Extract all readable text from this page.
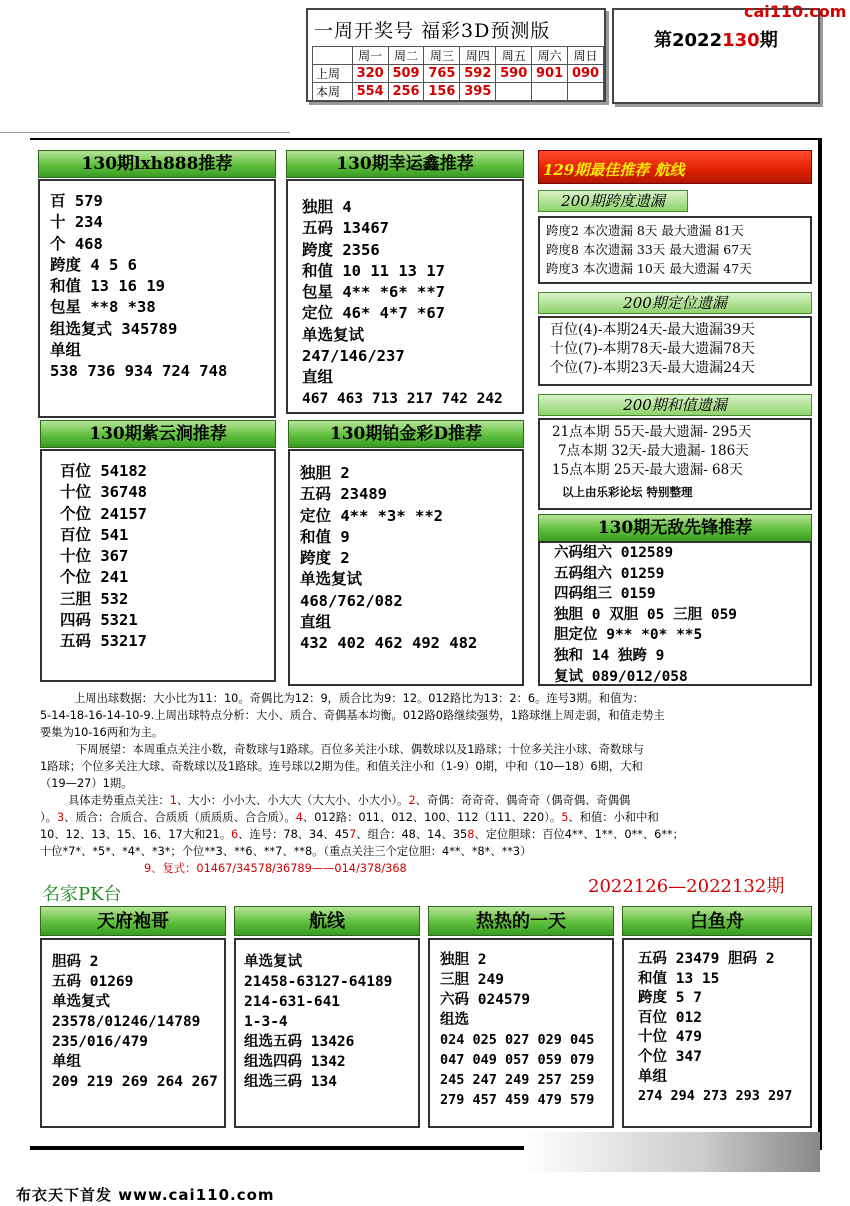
一周开奖号 福彩3D预测版
	周一	周二	周三	周四	周五	周六	周日
上周	320	509	765	592	590	901	090
本周	554	256	156	395			
第2022130期
cai110.com
130期lxh888推荐
百 579
十 234
个 468
跨度 4 5 6
和值 13 16 19
包星 **8 *38
组选复式 345789
单组
538 736 934 724 748
130期幸运鑫推荐
独胆 4
五码 13467
跨度 2356
和值 10 11 13 17
包星 4** *6* **7
定位 46* 4*7 *67
单选复试
247/146/237
直组
467 463 713 217 742 242
129期最佳推荐 航线
200期跨度遗漏
跨度2 本次遗漏 8天 最大遗漏 81天
跨度8 本次遗漏 33天 最大遗漏 67天
跨度3 本次遗漏 10天 最大遗漏 47天
200期定位遗漏
百位(4)-本期24天-最大遗漏39天
十位(7)-本期78天-最大遗漏78天
个位(7)-本期23天-最大遗漏24天
200期和值遗漏
21点本期 55天-最大遗漏- 295天
7点本期 32天-最大遗漏- 186天
15点本期 25天-最大遗漏- 68天
以上由乐彩论坛 特别整理
130期紫云涧推荐
百位 54182
十位 36748
个位 24157
百位 541
十位 367
个位 241
三胆 532
四码 5321
五码 53217
130期铂金彩D推荐
独胆 2
五码 23489
定位 4** *3* **2
和值 9
跨度 2
单选复试
468/762/082
直组
432 402 462 492 482
130期无敌先锋推荐
六码组六 012589
五码组六 01259
四码组三 0159
独胆 0 双胆 05 三胆 059
胆定位 9** *0* **5
独和 14 独跨 9
复试 089/012/058

上周出球数据：大小比为11：10。奇偶比为12：9，质合比为9：12。012路比为13：2：6。连号3期。和值为：

5-14-18-16-14-10-9.上周出球特点分析：大小、质合、奇偶基本均衡。012路0路继续强势，1路球继上周走弱，和值走势主

要集为10-16两和为主。

下周展望：本周重点关注小数，奇数球与1路球。百位多关注小球、偶数球以及1路球；十位多关注小球、奇数球与

1路球；个位多关注大球、奇数球以及1路球。连号球以2期为佳。和值关注小和（1-9）0期，中和（10—18）6期，大和

（19—27）1期。

具体走势重点关注：1、大小：小小大、小大大（大大小、小大小）。2、奇偶：奇奇奇、偶奇奇（偶奇偶、奇偶偶

）。3、质合：合质合、合质质（质质质、合合质）。4、012路：011、012、100、112（111、220）。5、和值：小和中和

10、12、13、15、16、17大和21。6、连号：78、34、457、组合：48、14、358、定位胆球：百位4**、1**、0**、6**；

十位*7*、*5*、*4*、*3*；个位**3、**6、**7、**8。（重点关注三个定位胆：4**、*8*、**3）

9、复式：01467/34578/36789——014/378/368

名家PK台	2022126—2022132期
天府袍哥
胆码 2
五码 01269
单选复式
23578/01246/14789
235/016/479
单组
209 219 269 264 267
航线
单选复试
21458-63127-64189
214-631-641
1-3-4
组选五码 13426
组选四码 1342
组选三码 134
热热的一天
独胆 2
三胆 249
六码 024579
组选
024 025 027 029 045
047 049 057 059 079
245 247 249 257 259
279 457 459 479 579
白鱼舟
五码 23479 胆码 2
和值 13 15
跨度 5 7
百位 012
十位 479
个位 347
单组
274 294 273 293 297
布衣天下首发 www.cai110.com
